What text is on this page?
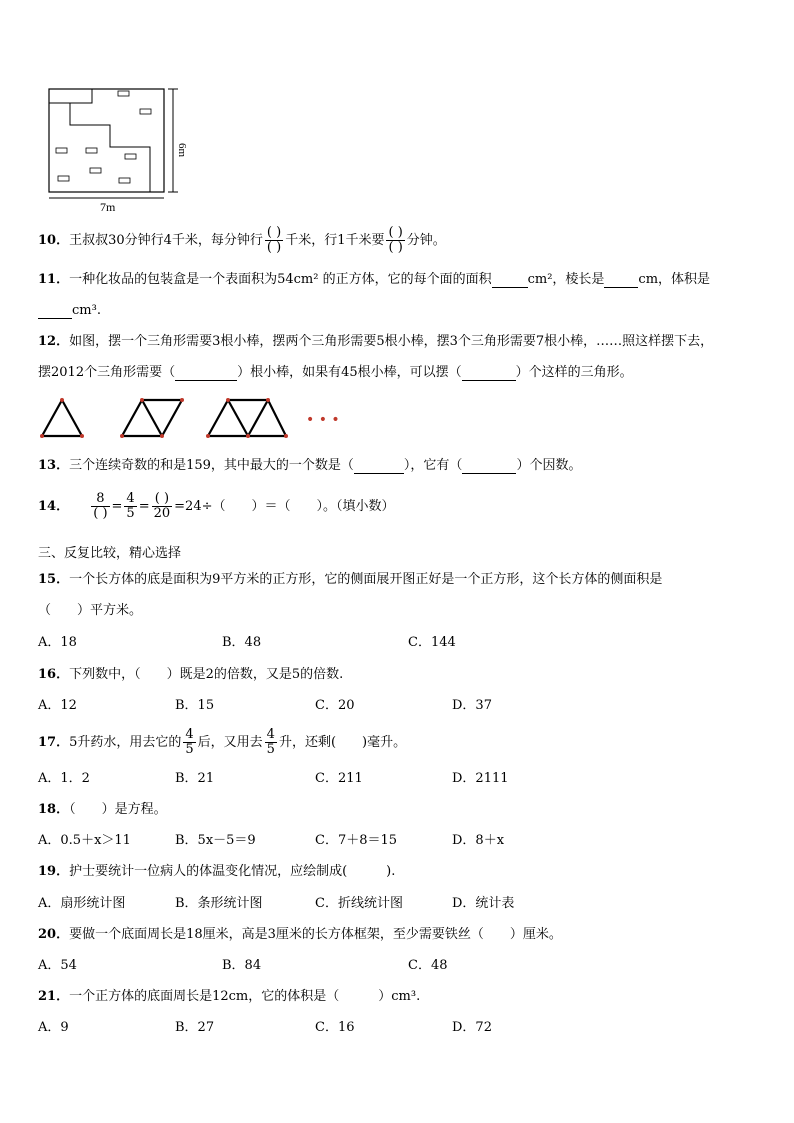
6m
7m
10．王叔叔30分钟行4千米，每分钟行 $\frac{( )}{( )}$ 千米，行1千米要 $\frac{( )}{( )}$ 分钟。
11．一种化妆品的包装盒是一个表面积为54cm² 的正方体，它的每个面的面积	cm²，棱长是	cm，体积是
cm³.
12．如图，摆一个三角形需要3根小棒，摆两个三角形需要5根小棒，摆3个三角形需要7根小棒，……照这样摆下去，
摆2012个三角形需要（	）根小棒，如果有45根小棒，可以摆（	）个这样的三角形。
• • •
13．三个连续奇数的和是159，其中最大的一个数是（	），它有（	）个因数。
14． $\frac{8}{( )} = \frac{4}{5} = \frac{( )}{20} =24\div$（　　）＝（　　）。（填小数）
三、反复比较，精心选择
15．一个长方体的底是面积为9平方米的正方形，它的侧面展开图正好是一个正方形，这个长方体的侧面积是
（　　）平方米。
A．18	B．48	C．144
16．下列数中，（　　）既是2的倍数，又是5的倍数.
A．12	B．15	C．20	D．37
17．5升药水，用去它的 $\frac{4}{5}$ 后，又用去 $\frac{4}{5}$ 升，还剩(　　)毫升。
A．1．2	B．21	C．211	D．2111
18．（　　）是方程。
A．0.5＋x＞11	B．5x－5＝9	C．7＋8＝15	D．8＋x
19．护士要统计一位病人的体温变化情况，应绘制成(　　　).
A．扇形统计图	B．条形统计图	C．折线统计图	D．统计表
20．要做一个底面周长是18厘米，高是3厘米的长方体框架，至少需要铁丝（　　）厘米。
A．54	B．84	C．48
21．一个正方体的底面周长是12cm，它的体积是（　　　）cm³.
A．9	B．27	C．16	D．72
